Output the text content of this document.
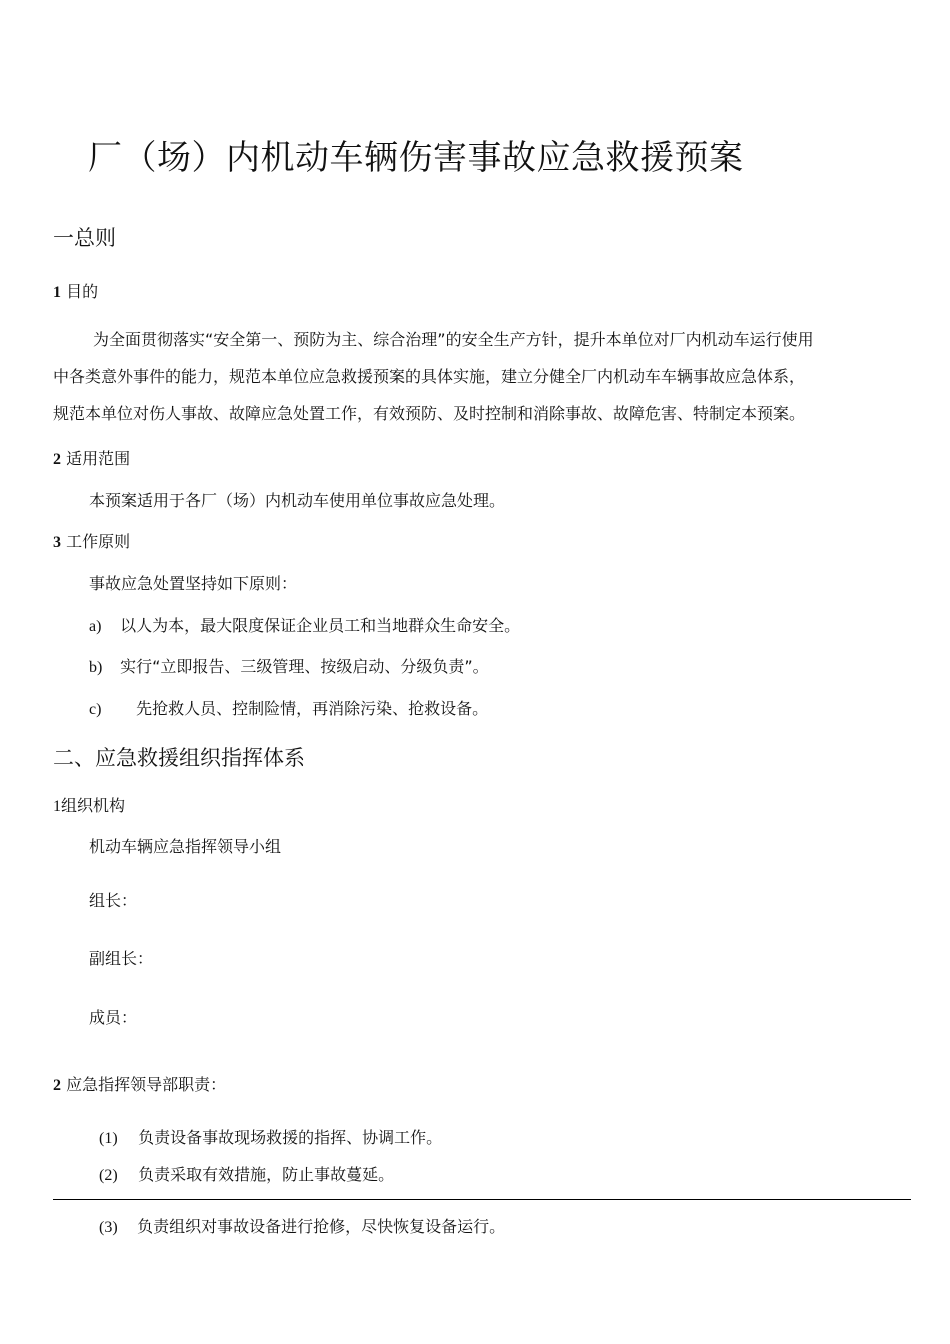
厂（场）内机动车辆伤害事故应急救援预案
一总则
1 目的
为全面贯彻落实“安全第一、预防为主、综合治理”的安全生产方针，提升本单位对厂内机动车运行使用
中各类意外事件的能力，规范本单位应急救援预案的具体实施，建立分健全厂内机动车车辆事故应急体系，
规范本单位对伤人事故、故障应急处置工作，有效预防、及时控制和消除事故、故障危害、特制定本预案。
2 适用范围
本预案适用于各厂（场）内机动车使用单位事故应急处理。
3 工作原则
事故应急处置坚持如下原则：
a) 以人为本，最大限度保证企业员工和当地群众生命安全。
b) 实行“立即报告、三级管理、按级启动、分级负责”。
c) 先抢救人员、控制险情，再消除污染、抢救设备。
二、应急救援组织指挥体系
1组织机构
机动车辆应急指挥领导小组
组长：
副组长：
成员：
2 应急指挥领导部职责：
(1) 负责设备事故现场救援的指挥、协调工作。
(2) 负责采取有效措施，防止事故蔓延。
(3) 负责组织对事故设备进行抢修，尽快恢复设备运行。
